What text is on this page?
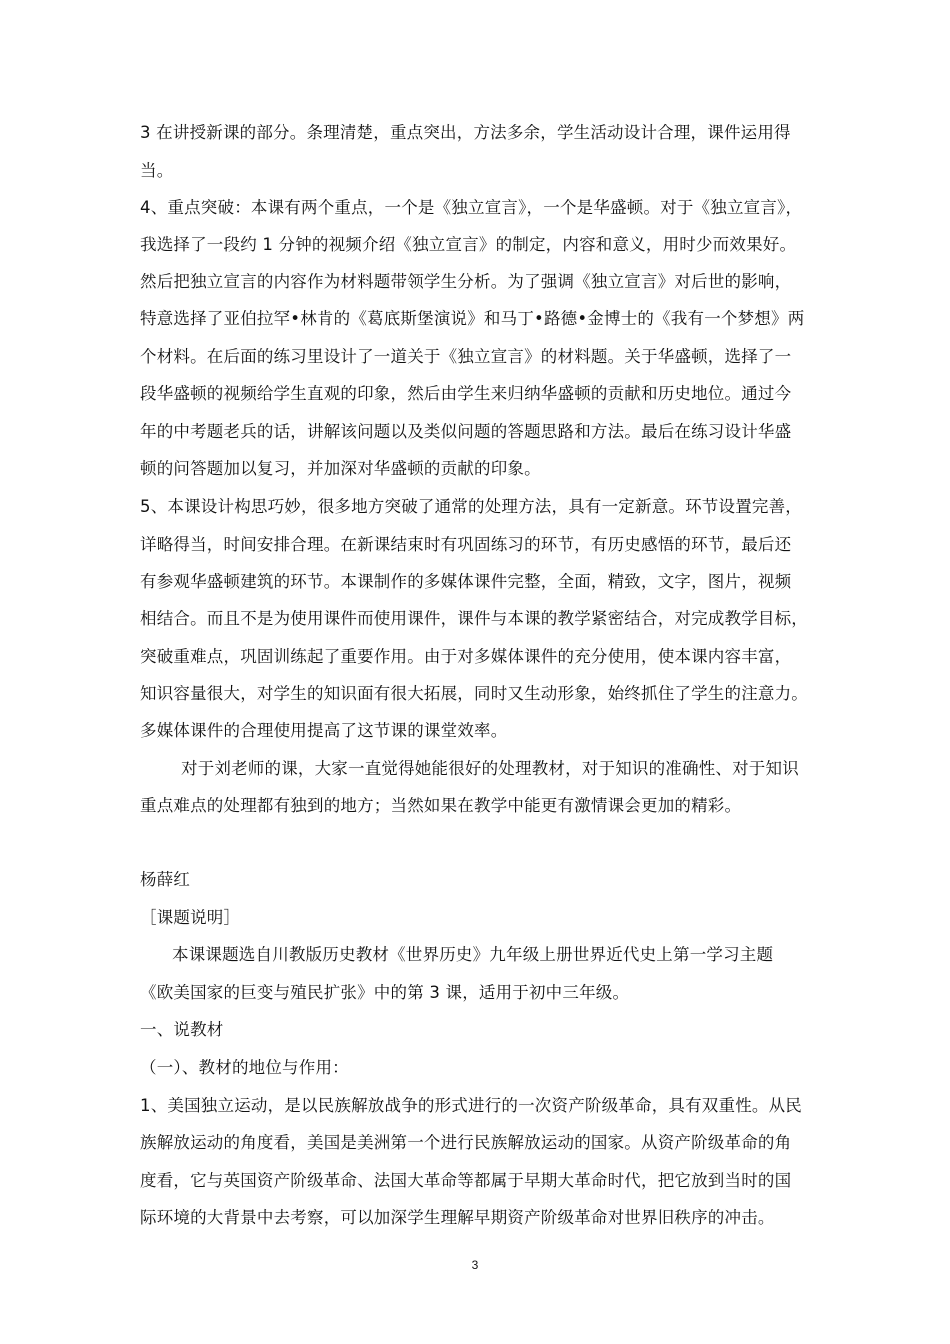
3 在讲授新课的部分。条理清楚，重点突出，方法多余，学生活动设计合理，课件运用得
当。
4、重点突破：本课有两个重点，一个是《独立宣言》，一个是华盛顿。对于《独立宣言》，
我选择了一段约 1 分钟的视频介绍《独立宣言》的制定，内容和意义，用时少而效果好。
然后把独立宣言的内容作为材料题带领学生分析。为了强调《独立宣言》对后世的影响，
特意选择了亚伯拉罕•林肯的《葛底斯堡演说》和马丁•路德•金博士的《我有一个梦想》两
个材料。在后面的练习里设计了一道关于《独立宣言》的材料题。关于华盛顿，选择了一
段华盛顿的视频给学生直观的印象，然后由学生来归纳华盛顿的贡献和历史地位。通过今
年的中考题老兵的话，讲解该问题以及类似问题的答题思路和方法。最后在练习设计华盛
顿的问答题加以复习，并加深对华盛顿的贡献的印象。
5、本课设计构思巧妙，很多地方突破了通常的处理方法，具有一定新意。环节设置完善，
详略得当，时间安排合理。在新课结束时有巩固练习的环节，有历史感悟的环节，最后还
有参观华盛顿建筑的环节。本课制作的多媒体课件完整，全面，精致，文字，图片，视频
相结合。而且不是为使用课件而使用课件，课件与本课的教学紧密结合，对完成教学目标，
突破重难点，巩固训练起了重要作用。由于对多媒体课件的充分使用，使本课内容丰富，
知识容量很大，对学生的知识面有很大拓展，同时又生动形象，始终抓住了学生的注意力。
多媒体课件的合理使用提高了这节课的课堂效率。
对于刘老师的课，大家一直觉得她能很好的处理教材，对于知识的准确性、对于知识
重点难点的处理都有独到的地方；当然如果在教学中能更有激情课会更加的精彩。
杨薛红
［课题说明］
本课课题选自川教版历史教材《世界历史》九年级上册世界近代史上第一学习主题
《欧美国家的巨变与殖民扩张》中的第 3 课，适用于初中三年级。
一、说教材
（一）、教材的地位与作用：
1、美国独立运动，是以民族解放战争的形式进行的一次资产阶级革命，具有双重性。从民
族解放运动的角度看，美国是美洲第一个进行民族解放运动的国家。从资产阶级革命的角
度看，它与英国资产阶级革命、法国大革命等都属于早期大革命时代，把它放到当时的国
际环境的大背景中去考察，可以加深学生理解早期资产阶级革命对世界旧秩序的冲击。
3
